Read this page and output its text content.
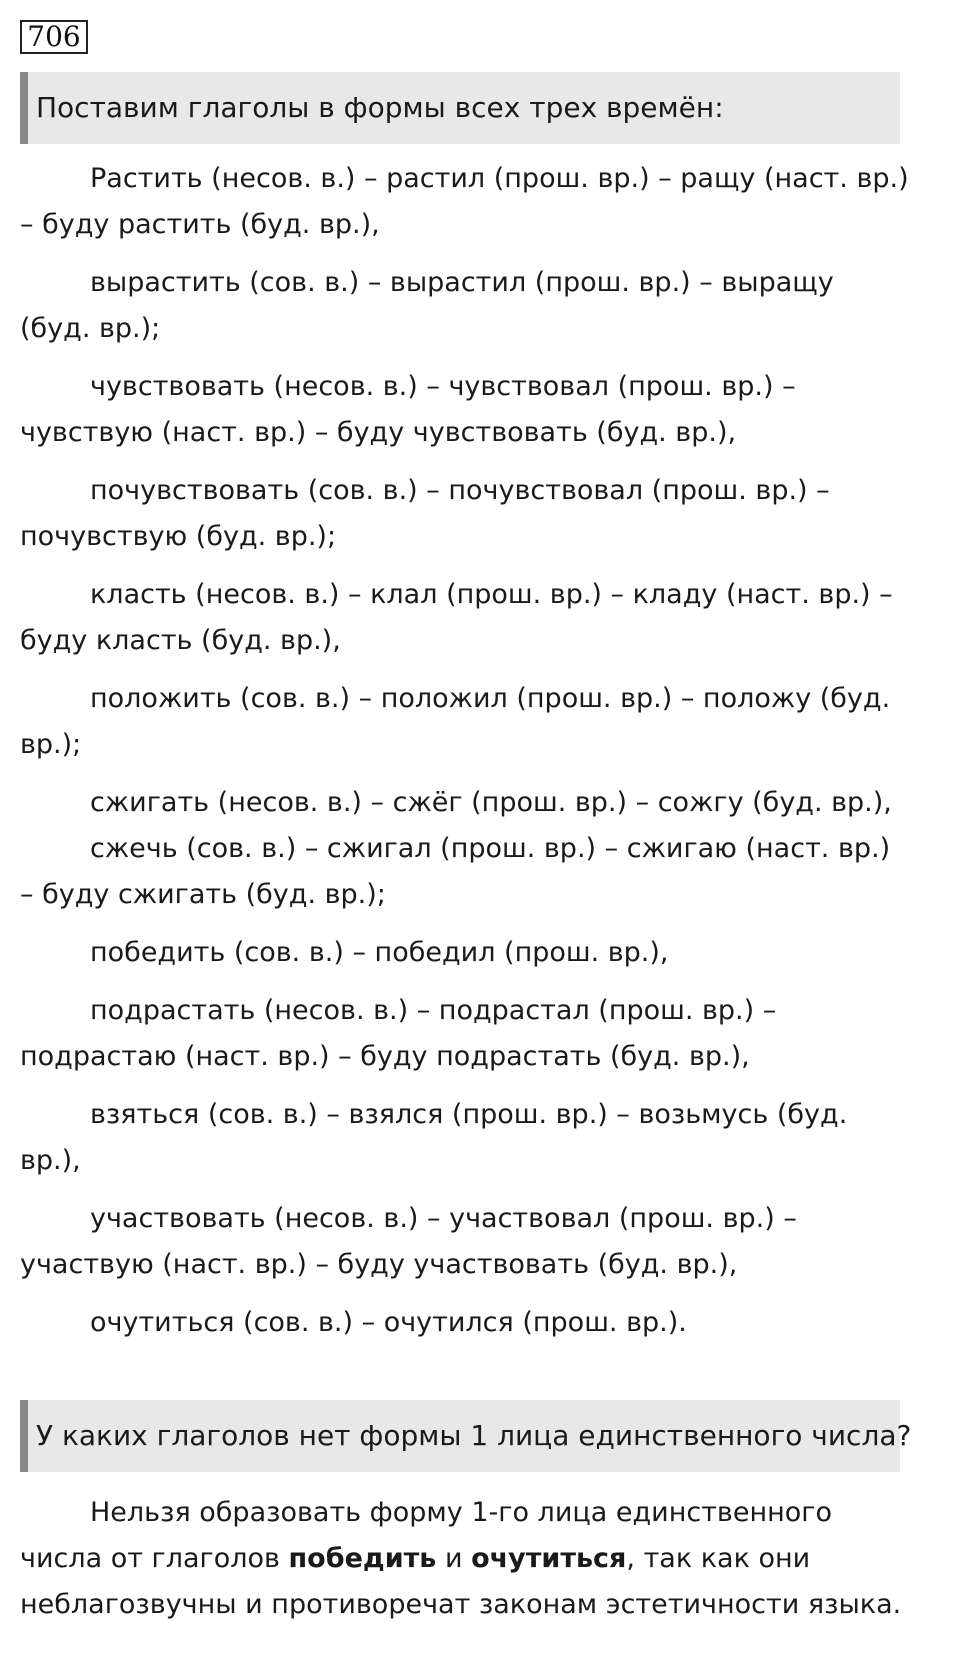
706
Поставим глаголы в формы всех трех времён:

Растить (несов. в.) – растил (прош. вр.) – ращу (наст. вр.)
– буду растить (буд. вр.),

вырастить (сов. в.) – вырастил (прош. вр.) – выращу
(буд. вр.);

чувствовать (несов. в.) – чувствовал (прош. вр.) –
чувствую (наст. вр.) – буду чувствовать (буд. вр.),

почувствовать (сов. в.) – почувствовал (прош. вр.) –
почувствую (буд. вр.);

класть (несов. в.) – клал (прош. вр.) – кладу (наст. вр.) –
буду класть (буд. вр.),

положить (сов. в.) – положил (прош. вр.) – положу (буд.
вр.);

сжигать (несов. в.) – сжёг (прош. вр.) – сожгу (буд. вр.),

сжечь (сов. в.) – сжигал (прош. вр.) – сжигаю (наст. вр.)
– буду сжигать (буд. вр.);

победить (сов. в.) – победил (прош. вр.),

подрастать (несов. в.) – подрастал (прош. вр.) –
подрастаю (наст. вр.) – буду подрастать (буд. вр.),

взяться (сов. в.) – взялся (прош. вр.) – возьмусь (буд.
вр.),

участвовать (несов. в.) – участвовал (прош. вр.) –
участвую (наст. вр.) – буду участвовать (буд. вр.),

очутиться (сов. в.) – очутился (прош. вр.).

У каких глаголов нет формы 1 лица единственного числа?

Нельзя образовать форму 1-го лица единственного числа от глаголов победить и очутиться, так как они неблагозвучны и противоречат законам эстетичности языка.
